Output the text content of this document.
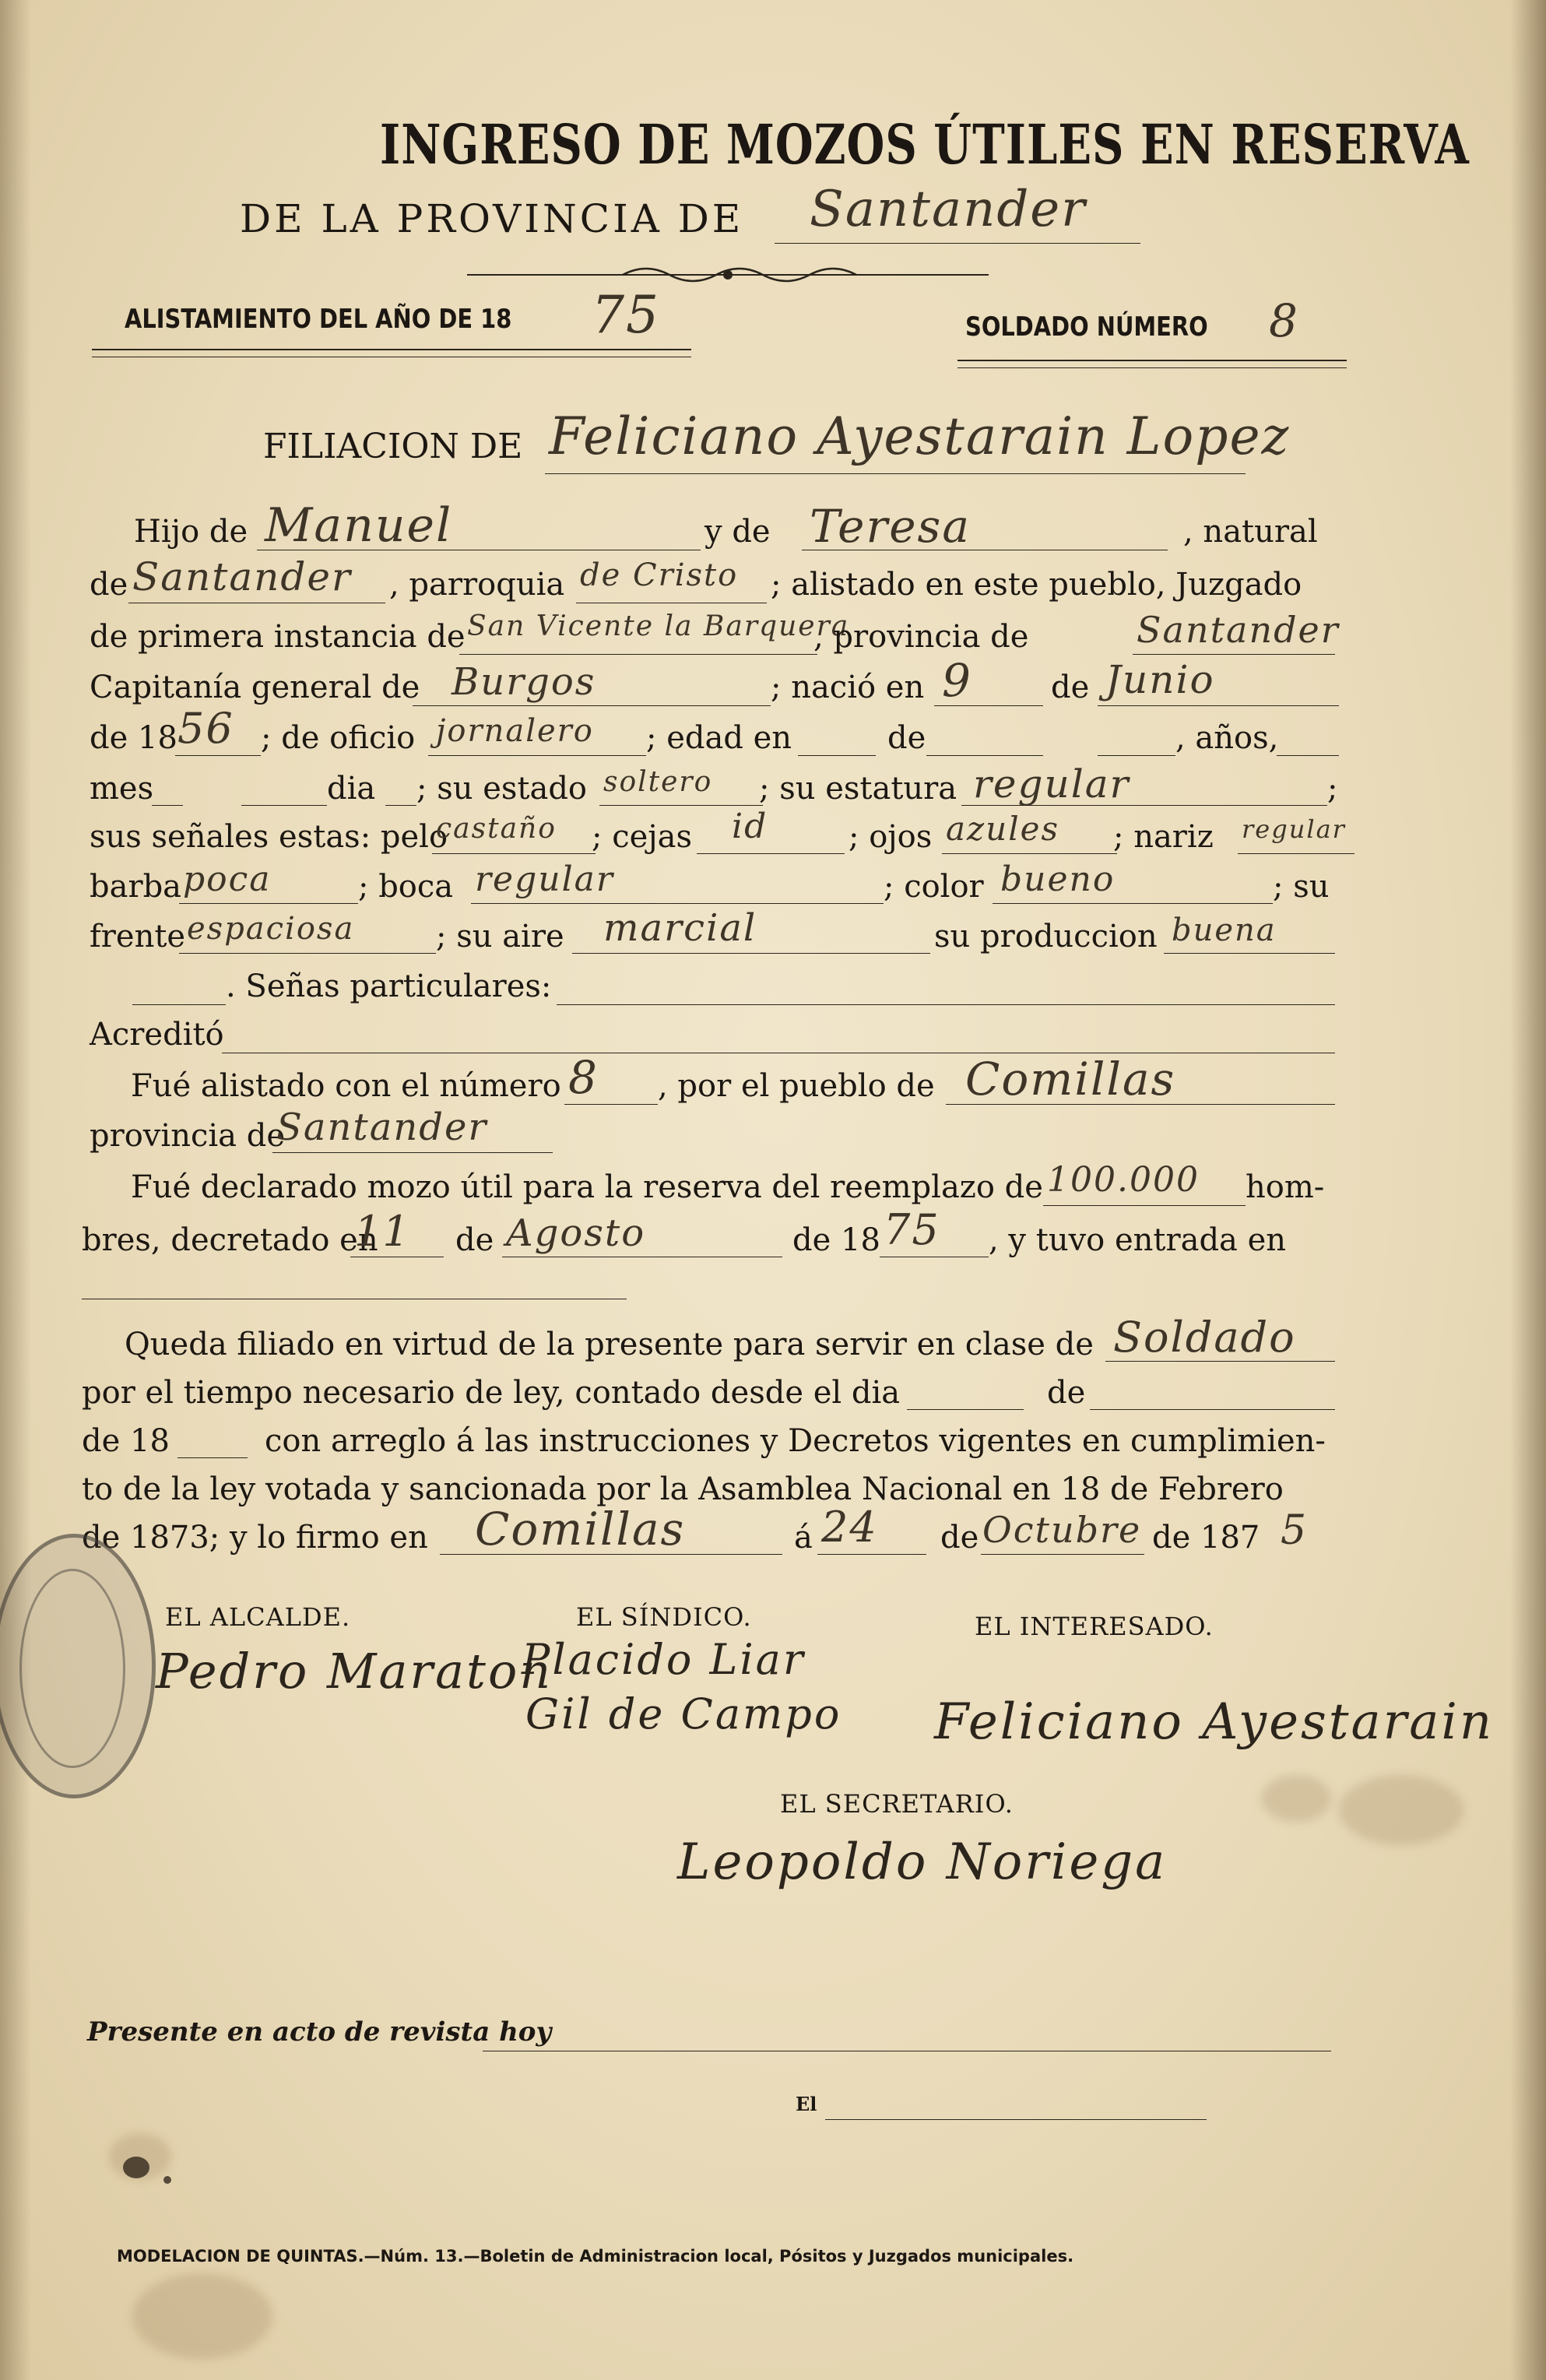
INGRESO DE MOZOS ÚTILES EN RESERVA
DE LA PROVINCIA DE Santander
ALISTAMIENTO DEL AÑO DE 18 75	SOLDADO NÚMERO 8
FILIACION DE Feliciano Ayestarain Lopez
Hijo de Manuel	y de Teresa	, natural
de Santander , parroquia de Cristo ; alistado en este pueblo, Juzgado
de primera instancia de San Vicente la Barquera
, provincia de	Santander
Capitanía general de Burgos	; nació en 9	de Junio
de 18 56 ; de oficio jornalero ; edad en	de	, años,
mes	dia ; su estado soltero ; su estatura regular	;
sus señales estas: pelo
castaño ; cejas id	; ojos azules ; nariz regular
barba poca	; boca regular	; color bueno	; su
frente espaciosa	; su aire marcial	su produccion buena
. Señas particulares:
Acreditó
Fué alistado con el número 8 , por el pueblo de Comillas
provincia de
Santander
Fué declarado mozo útil para la reserva del reemplazo de 100.000 hom-
bres, decretado en
11 de Agosto	de 18 75 , y tuvo entrada en
Queda filiado en virtud de la presente para servir en clase de Soldado
por el tiempo necesario de ley, contado desde el dia	de
de 18	con arreglo á las instrucciones y Decretos vigentes en cumplimien-
to de la ley votada y sancionada por la Asamblea Nacional en 18 de Febrero
de 1873; y lo firmo en Comillas	á 24 de Octubre de 187 5
EL ALCALDE.	EL SÍNDICO.	EL INTERESADO.
Pedro Maraton
Placido Liar
Gil de Campo Feliciano Ayestarain
EL SECRETARIO.
Leopoldo Noriega
Presente en acto de revista hoy
El
MODELACION DE QUINTAS.—Núm. 13.—Boletin de Administracion local, Pósitos y Juzgados municipales.
